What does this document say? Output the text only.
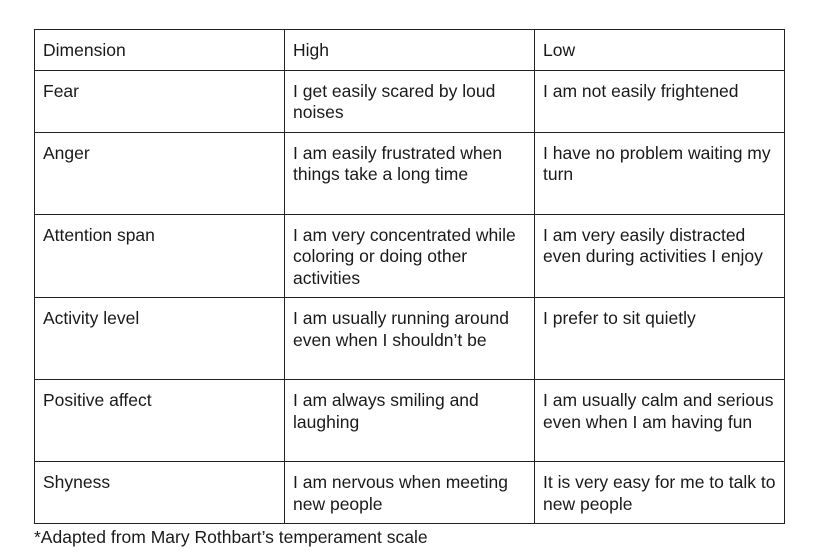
Dimension	High	Low
Fear	I get easily scared by loud noises	I am not easily frightened
Anger	I am easily frustrated when things take a long time	I have no problem waiting my turn
Attention span	I am very concentrated while coloring or doing other activities	I am very easily distracted even during activities I enjoy
Activity level	I am usually running around even when I shouldn’t be	I prefer to sit quietly
Positive affect	I am always smiling and laughing	I am usually calm and serious even when I am having fun
Shyness	I am nervous when meeting new people	It is very easy for me to talk to new people
*Adapted from Mary Rothbart’s temperament scale
